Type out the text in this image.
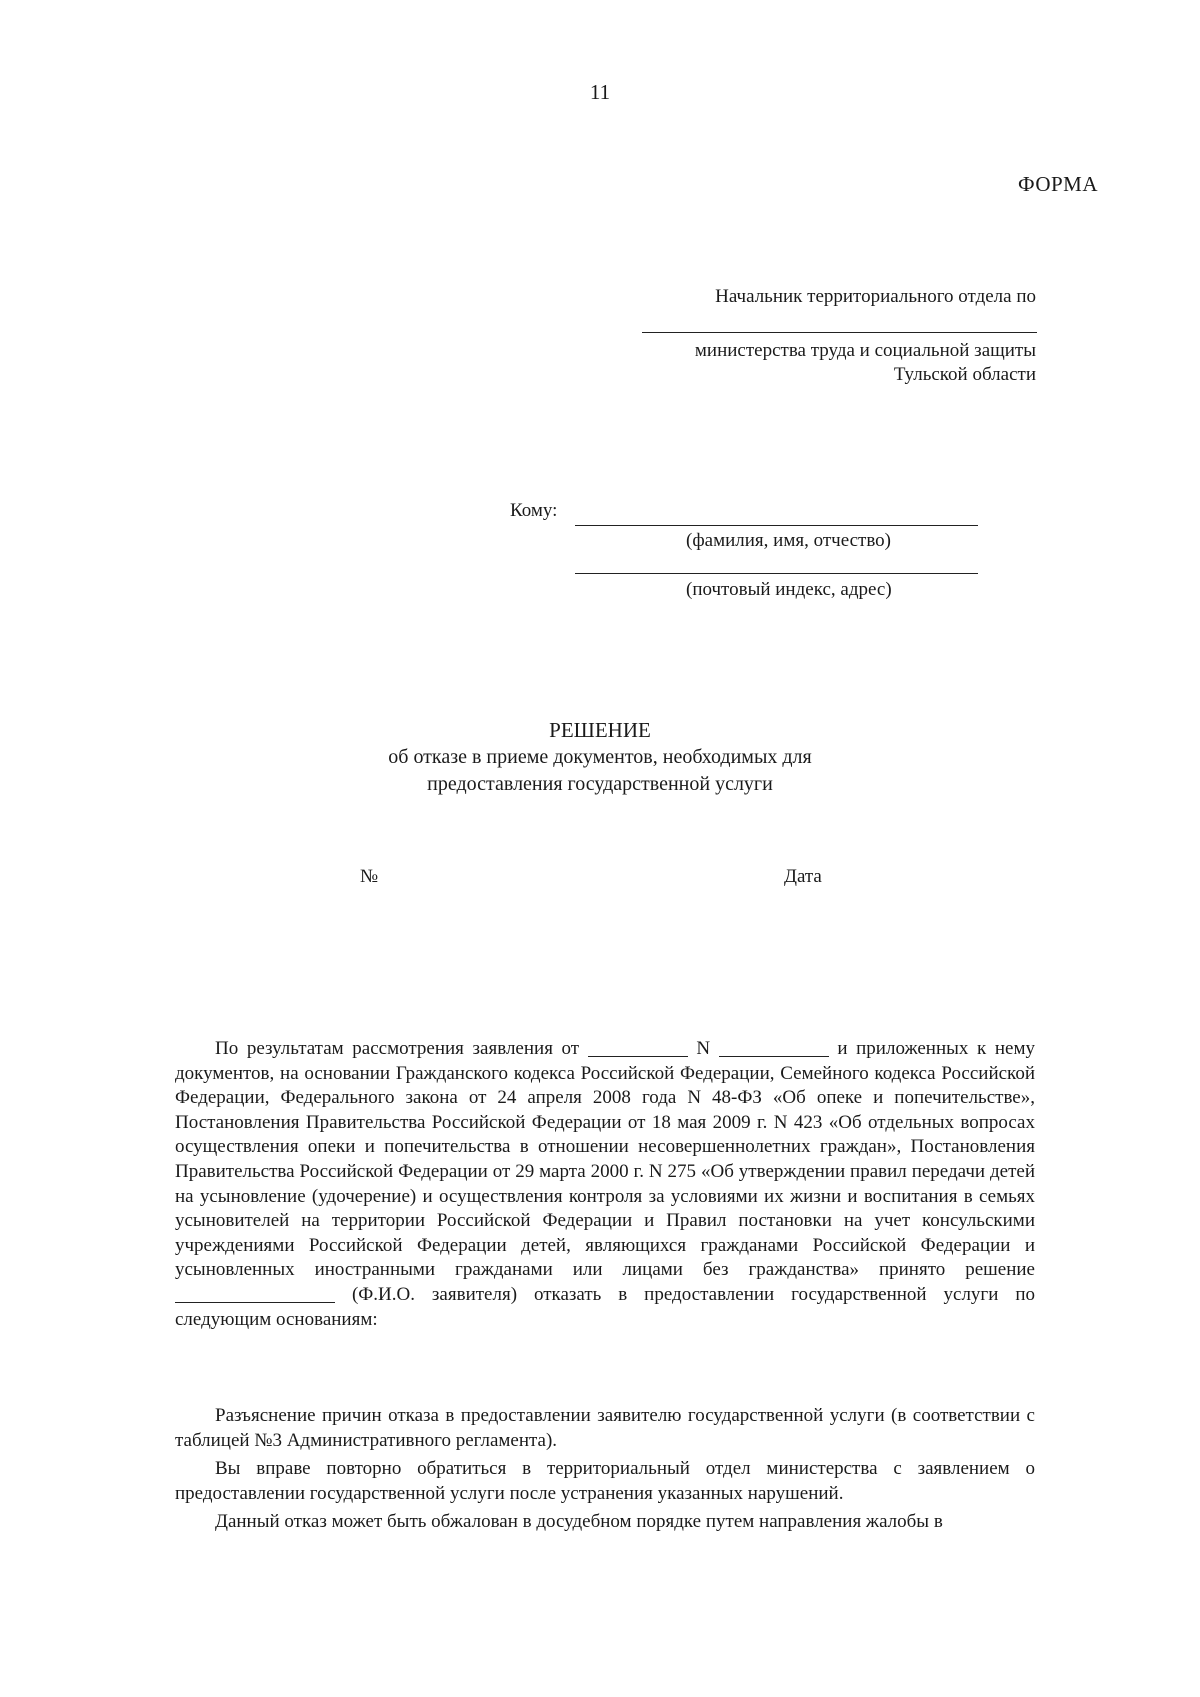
11
ФОРМА
Начальник территориального отдела по
министерства труда и социальной защиты
Тульской области
Кому:
(фамилия, имя, отчество)
(почтовый индекс, адрес)
РЕШЕНИЕ
об отказе в приеме документов, необходимых для
предоставления государственной услуги
№	Дата

По результатам рассмотрения заявления от	N	и приложенных к нему документов, на основании Гражданского кодекса Российской Федерации, Семейного кодекса Российской Федерации, Федерального закона от 24 апреля 2008 года N 48-ФЗ «Об опеке и попечительстве», Постановления Правительства Российской Федерации от 18 мая 2009 г. N 423 «Об отдельных вопросах осуществления опеки и попечительства в отношении несовершеннолетних граждан», Постановления Правительства Российской Федерации от 29 марта 2000 г. N 275 «Об утверждении правил передачи детей на усыновление (удочерение) и осуществления контроля за условиями их жизни и воспитания в семьях усыновителей на территории Российской Федерации и Правил постановки на учет консульскими учреждениями Российской Федерации детей, являющихся гражданами Российской Федерации и усыновленных иностранными гражданами или лицами без гражданства» принято решение  (Ф.И.О. заявителя) отказать в предоставлении государственной услуги по следующим основаниям:

Разъяснение причин отказа в предоставлении заявителю государственной услуги (в соответствии с таблицей №3 Административного регламента).

Вы вправе повторно обратиться в территориальный отдел министерства с заявлением о предоставлении государственной услуги после устранения указанных нарушений.

Данный отказ может быть обжалован в досудебном порядке путем направления жалобы в
